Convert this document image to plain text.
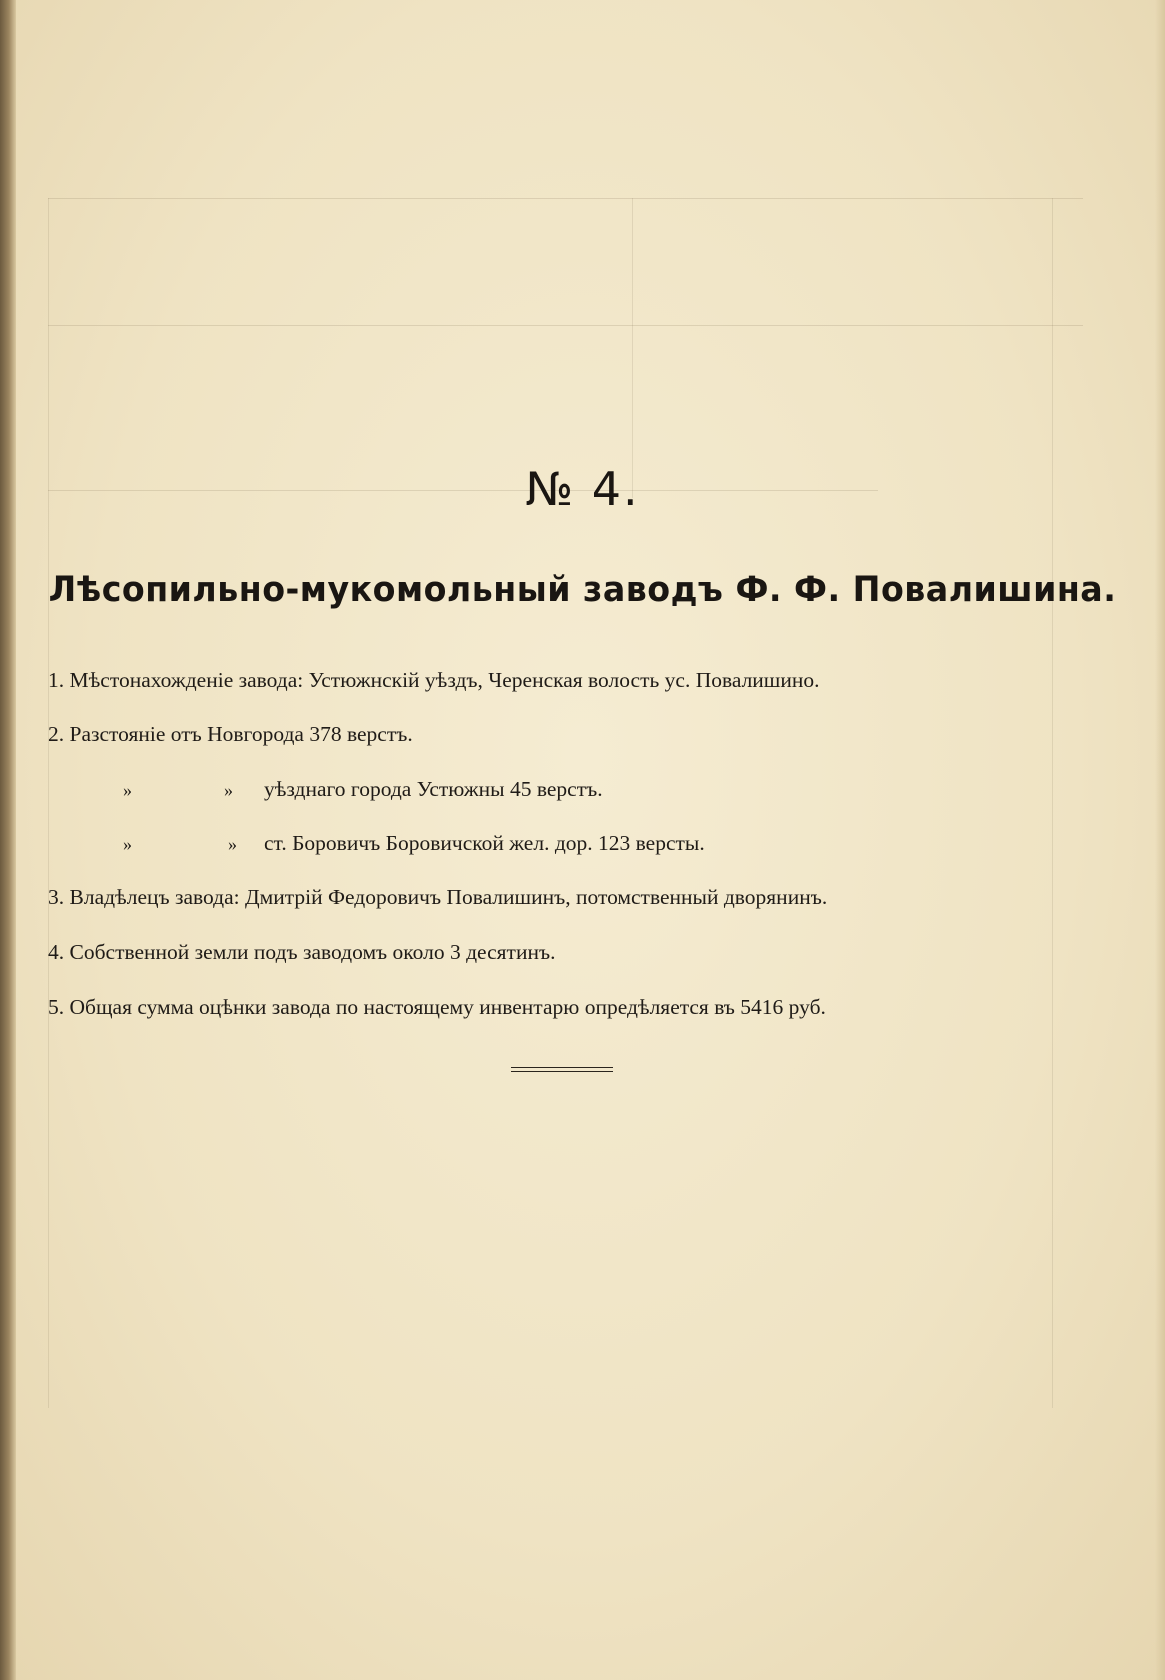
№ 4.
Лѣсопильно-мукомольный заводъ Ф. Ф. Повалишина.
1. Мѣстонахожденіе завода: Устюжнскій уѣздъ, Черенская волость ус. Повалишино.
2. Разстояніе отъ Новгорода 378 верстъ.
»	» уѣзднаго города Устюжны 45 верстъ.
»	» ст. Боровичъ Боровичской жел. дор. 123 версты.
3. Владѣлецъ завода: Дмитрій Федоровичъ Повалишинъ, потомственный дворянинъ.
4. Собственной земли подъ заводомъ около 3 десятинъ.
5. Общая сумма оцѣнки завода по настоящему инвентарю опредѣляется въ 5416 руб.
